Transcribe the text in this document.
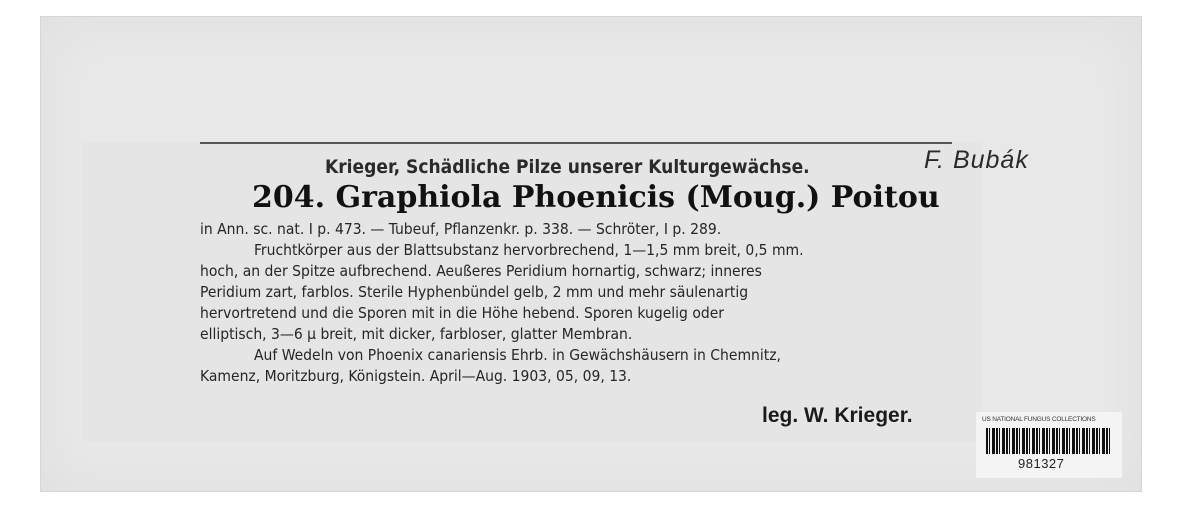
Krieger, Schädliche Pilze unserer Kulturgewächse.	F. Bubák
204. Graphiola Phoenicis (Moug.) Poitou
in Ann. sc. nat. I p. 473. — Tubeuf, Pflanzenkr. p. 338. — Schröter, I p. 289.
Fruchtkörper aus der Blattsubstanz hervorbrechend, 1—1,5 mm breit, 0,5 mm.
hoch, an der Spitze aufbrechend. Aeußeres Peridium hornartig, schwarz; inneres
Peridium zart, farblos. Sterile Hyphenbündel gelb, 2 mm und mehr säulenartig
hervortretend und die Sporen mit in die Höhe hebend. Sporen kugelig oder
elliptisch, 3—6 μ breit, mit dicker, farbloser, glatter Membran.
Auf Wedeln von Phoenix canariensis Ehrb. in Gewächshäusern in Chemnitz,
Kamenz, Moritzburg, Königstein. April—Aug. 1903, 05, 09, 13.
leg. W. Krieger.	US NATIONAL FUNGUS COLLECTIONS
981327
